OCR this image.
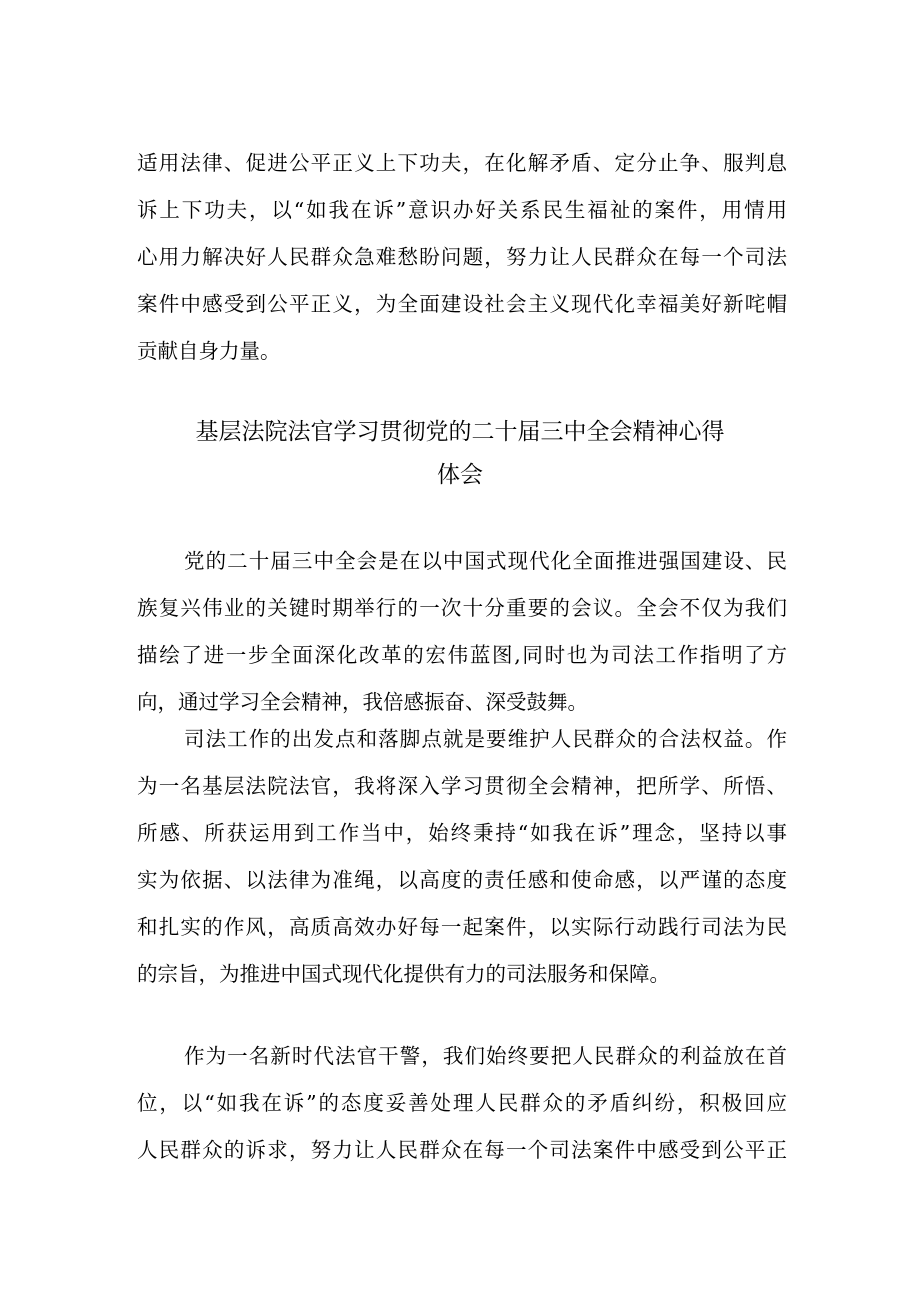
适用法律、促进公平正义上下功夫，在化解矛盾、定分止争、服判息
诉上下功夫，以“如我在诉”意识办好关系民生福祉的案件，用情用
心用力解决好人民群众急难愁盼问题，努力让人民群众在每一个司法
案件中感受到公平正义，为全面建设社会主义现代化幸福美好新咤帽
贡献自身力量。
基层法院法官学习贯彻党的二十届三中全会精神心得
体会
党的二十届三中全会是在以中国式现代化全面推进强国建设、民
族复兴伟业的关键时期举行的一次十分重要的会议。全会不仅为我们
描绘了进一步全面深化改革的宏伟蓝图,同时也为司法工作指明了方
向，通过学习全会精神，我倍感振奋、深受鼓舞。
司法工作的出发点和落脚点就是要维护人民群众的合法权益。作
为一名基层法院法官，我将深入学习贯彻全会精神，把所学、所悟、
所感、所获运用到工作当中，始终秉持“如我在诉”理念，坚持以事
实为依据、以法律为准绳，以高度的责任感和使命感，以严谨的态度
和扎实的作风，高质高效办好每一起案件，以实际行动践行司法为民
的宗旨，为推进中国式现代化提供有力的司法服务和保障。
作为一名新时代法官干警，我们始终要把人民群众的利益放在首
位，以“如我在诉”的态度妥善处理人民群众的矛盾纠纷，积极回应
人民群众的诉求，努力让人民群众在每一个司法案件中感受到公平正
